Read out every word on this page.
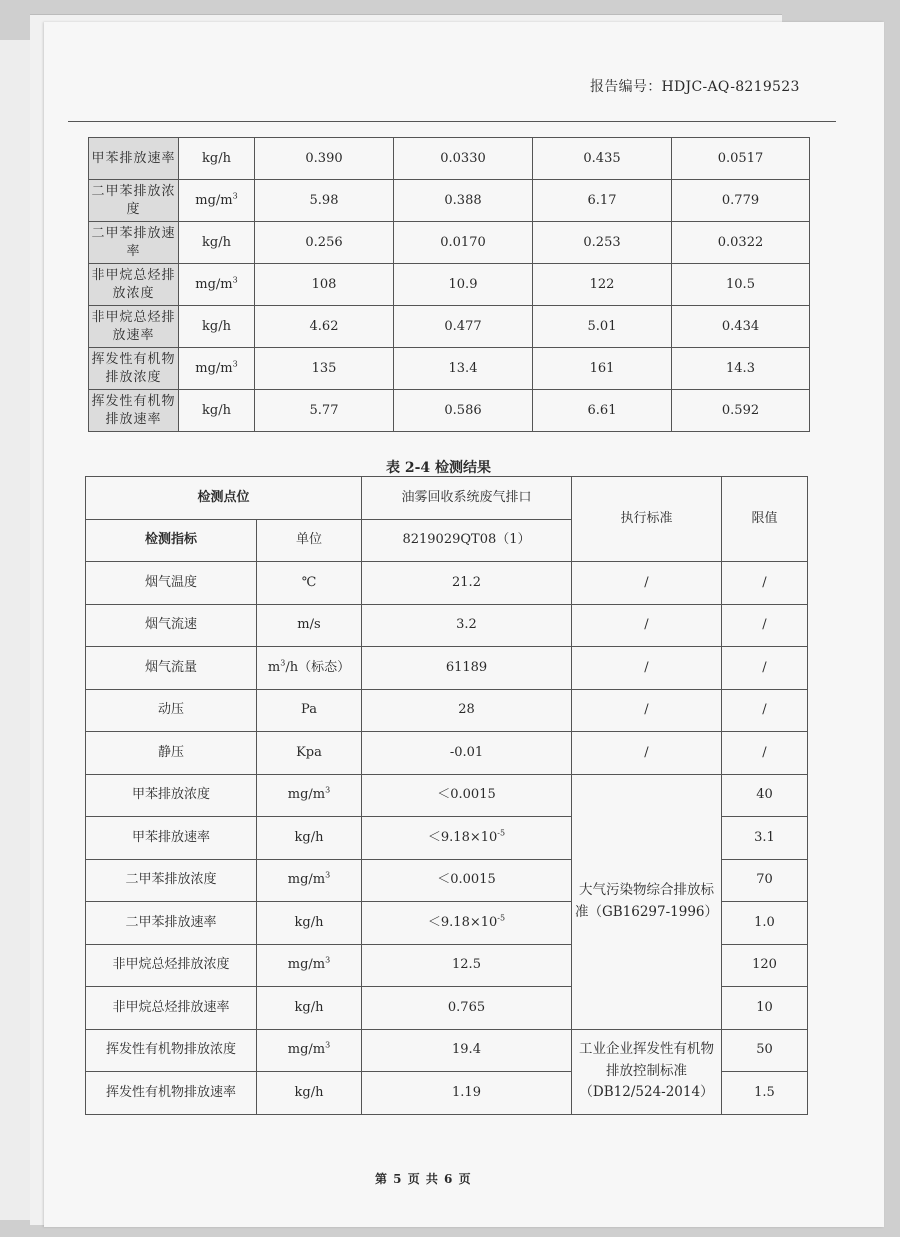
报告编号：HDJC-AQ-8219523
甲苯排放速率	kg/h	0.390	0.0330	0.435	0.0517
二甲苯排放浓度	$mg/m^3$	5.98	0.388	6.17	0.779
二甲苯排放速率	kg/h	0.256	0.0170	0.253	0.0322
非甲烷总烃排放浓度	$mg/m^3$	108	10.9	122	10.5
非甲烷总烃排放速率	kg/h	4.62	0.477	5.01	0.434
挥发性有机物排放浓度	$mg/m^3$	135	13.4	161	14.3
挥发性有机物排放速率	kg/h	5.77	0.586	6.61	0.592
表 2-4 检测结果
检测点位		油雾回收系统废气排口	执行标准	限值
检测指标	单位	8219029QT08（1）		
烟气温度	℃	21.2	/	/
烟气流速	m/s	3.2	/	/
烟气流量	$m^3/h$（标态）	61189	/	/
动压	Pa	28	/	/
静压	Kpa	-0.01	/	/
甲苯排放浓度	$mg/m^3$	＜0.0015	大气污染物综合排放标准（GB16297-1996）	40
甲苯排放速率	kg/h	$<9.18\times 10^{-5}$		3.1
二甲苯排放浓度	$mg/m^3$	＜0.0015		70
二甲苯排放速率	kg/h	$<9.18\times 10^{-5}$		1.0
非甲烷总烃排放浓度	$mg/m^3$	12.5		120
非甲烷总烃排放速率	kg/h	0.765		10
挥发性有机物排放浓度	$mg/m^3$	19.4	工业企业挥发性有机物排放控制标准（DB12/524-2014）	50
挥发性有机物排放速率	kg/h	1.19		1.5
第 5 页 共 6 页
